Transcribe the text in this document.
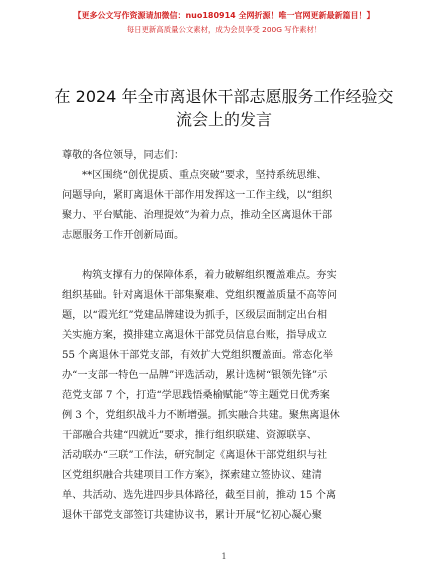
【更多公文写作资源请加微信：nuo180914 全网折源！唯一官网更新最新篇目！】
每日更新高质量公文素材，成为会员享受 200G 写作素材！
在 2024 年全市离退休干部志愿服务工作经验交
流会上的发言
尊敬的各位领导，同志们：
**区围绕“创优提质、重点突破”要求，坚持系统思维、
问题导向，紧盯离退休干部作用发挥这一工作主线，以“组织
聚力、平台赋能、治理提效”为着力点，推动全区离退休干部
志愿服务工作开创新局面。
构筑支撑有力的保障体系，着力破解组织覆盖难点。夯实
组织基础。针对离退休干部集聚难、党组织覆盖质量不高等问
题，以“霞光红”党建品牌建设为抓手，区级层面制定出台相
关实施方案，摸排建立离退休干部党员信息台账，指导成立
55 个离退休干部党支部，有效扩大党组织覆盖面。常态化举
办“一支部一特色一品牌”评选活动，累计选树“银领先锋”示
范党支部 7 个，打造“学思践悟桑榆赋能”等主题党日优秀案
例 3 个，党组织战斗力不断增强。抓实融合共建。聚焦离退休
干部融合共建“四就近”要求，推行组织联建、资源联享、
活动联办“三联”工作法，研究制定《离退休干部党组织与社
区党组织融合共建项目工作方案》，探索建立签协议、建清
单、共活动、选先进四步具体路径，截至目前，推动 15 个离
退休干部党支部签订共建协议书，累计开展“忆初心凝心聚
1
